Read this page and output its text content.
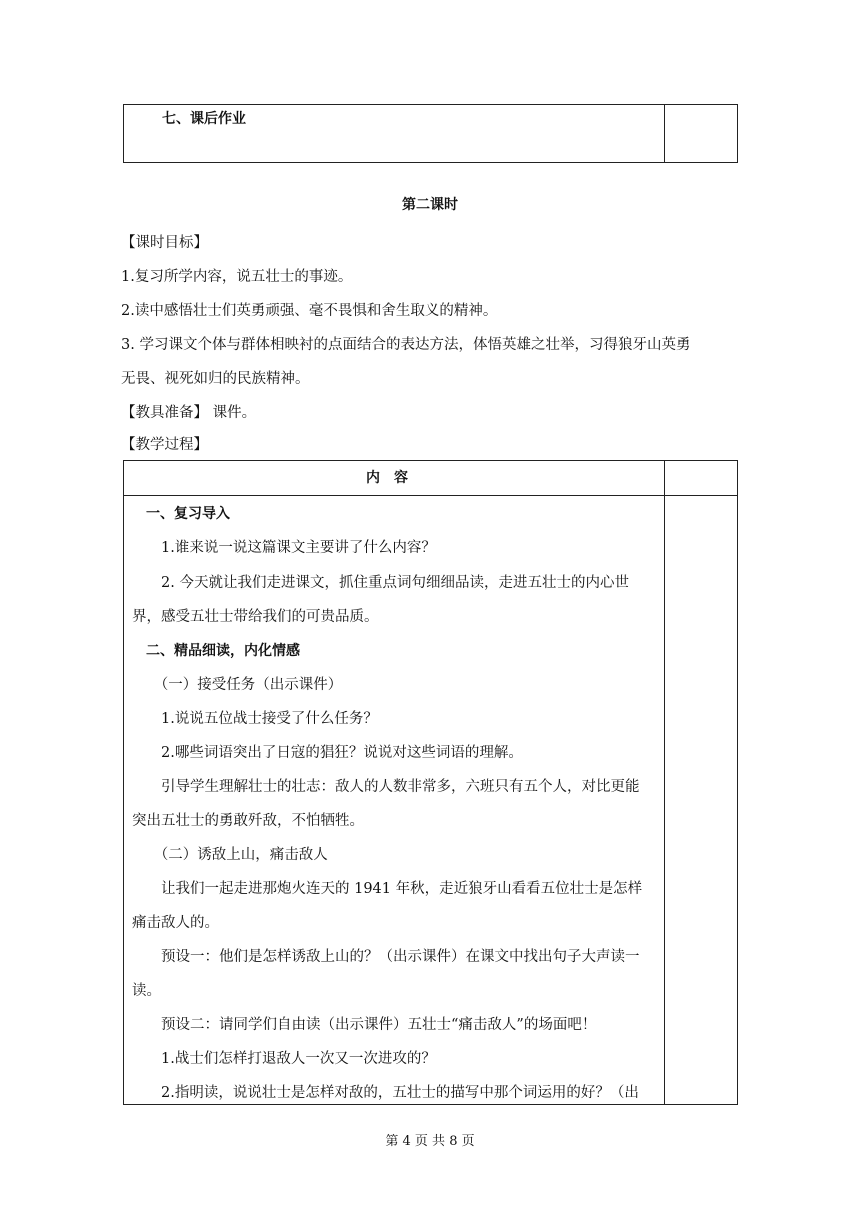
七、课后作业
第二课时
【课时目标】
1.复习所学内容，说五壮士的事迹。
2.读中感悟壮士们英勇顽强、毫不畏惧和舍生取义的精神。
3. 学习课文个体与群体相映衬的点面结合的表达方法，体悟英雄之壮举，习得狼牙山英勇
无畏、视死如归的民族精神。
【教具准备】 课件。
【教学过程】
内容
　一、复习导入
　　1.谁来说一说这篇课文主要讲了什么内容？
　　2. 今天就让我们走进课文，抓住重点词句细细品读，走进五壮士的内心世
界，感受五壮士带给我们的可贵品质。
　二、精品细读，内化情感
　　（一）接受任务（出示课件）
　　1.说说五位战士接受了什么任务？
　　2.哪些词语突出了日寇的猖狂？说说对这些词语的理解。
　　引导学生理解壮士的壮志：敌人的人数非常多，六班只有五个人，对比更能
突出五壮士的勇敢歼敌，不怕牺牲。
　　（二）诱敌上山，痛击敌人
　　让我们一起走进那炮火连天的 1941 年秋，走近狼牙山看看五位壮士是怎样
痛击敌人的。
　　预设一：他们是怎样诱敌上山的？（出示课件）在课文中找出句子大声读一
读。
　　预设二：请同学们自由读（出示课件）五壮士“痛击敌人”的场面吧！
　　1.战士们怎样打退敌人一次又一次进攻的？
　　2.指明读，说说壮士是怎样对敌的，五壮士的描写中那个词运用的好？（出
第 4 页 共 8 页
